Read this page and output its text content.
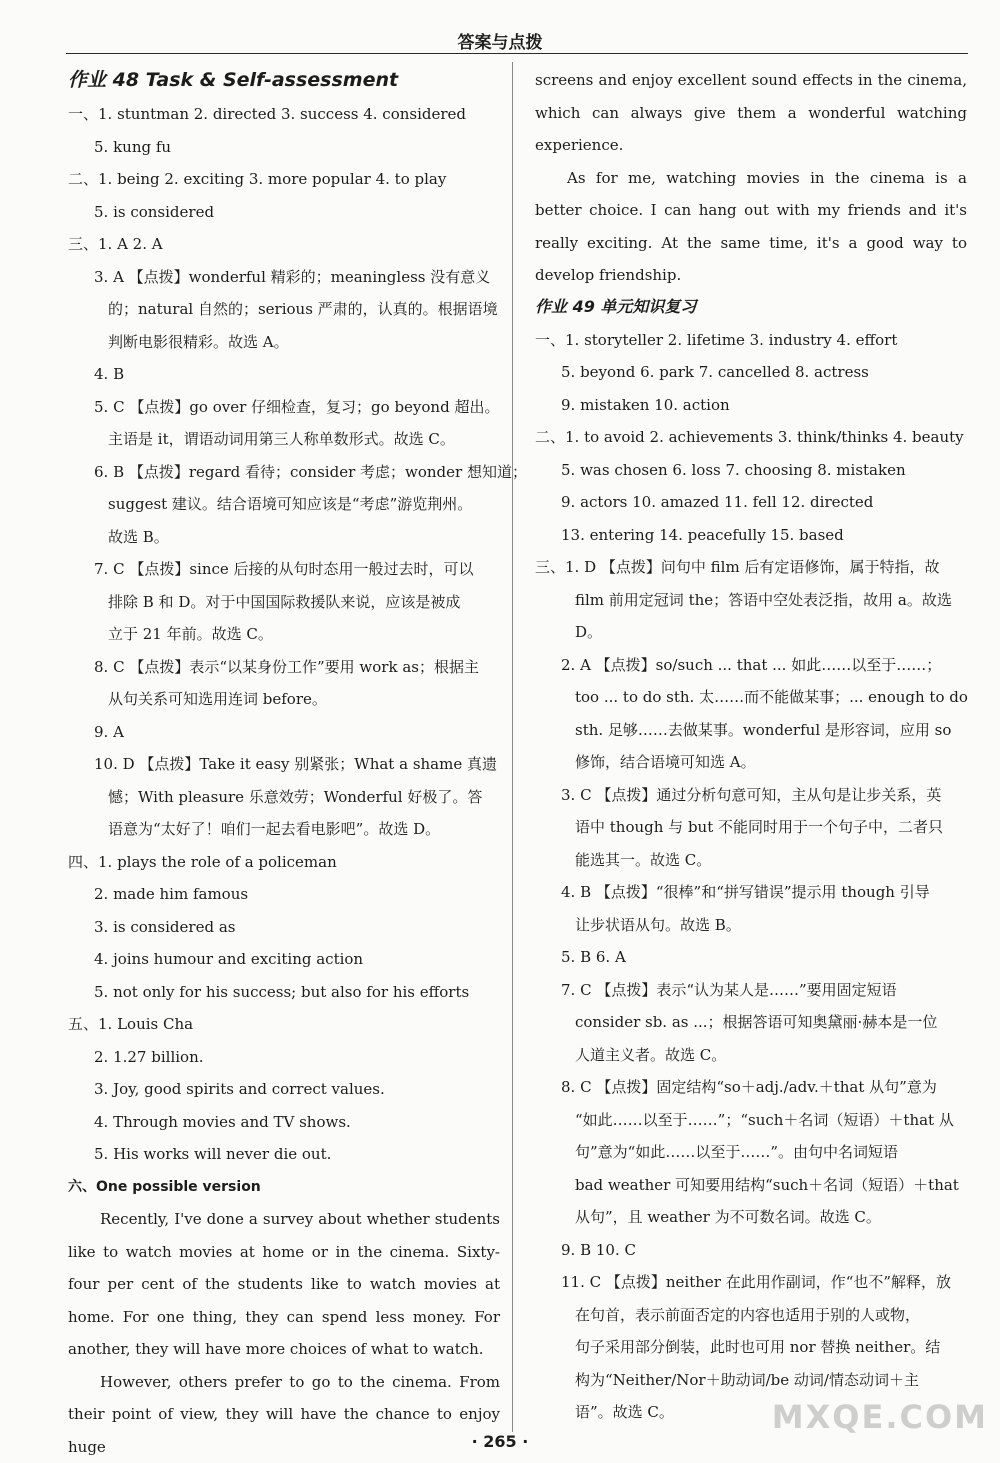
答案与点拨
作业 48 Task & Self-assessment
一、1. stuntman 2. directed 3. success 4. considered
5. kung fu
二、1. being 2. exciting 3. more popular 4. to play
5. is considered
三、1. A 2. A
3. A 【点拨】wonderful 精彩的；meaningless 没有意义
的；natural 自然的；serious 严肃的，认真的。根据语境
判断电影很精彩。故选 A。
4. B
5. C 【点拨】go over 仔细检查，复习；go beyond 超出。
主语是 it，谓语动词用第三人称单数形式。故选 C。
6. B 【点拨】regard 看待；consider 考虑；wonder 想知道；
suggest 建议。结合语境可知应该是“考虑”游览荆州。
故选 B。
7. C 【点拨】since 后接的从句时态用一般过去时，可以
排除 B 和 D。对于中国国际救援队来说，应该是被成
立于 21 年前。故选 C。
8. C 【点拨】表示“以某身份工作”要用 work as；根据主
从句关系可知选用连词 before。
9. A
10. D 【点拨】Take it easy 别紧张；What a shame 真遗
憾；With pleasure 乐意效劳；Wonderful 好极了。答
语意为“太好了！咱们一起去看电影吧”。故选 D。
四、1. plays the role of a policeman
2. made him famous
3. is considered as
4. joins humour and exciting action
5. not only for his success; but also for his efforts
五、1. Louis Cha
2. 1.27 billion.
3. Joy, good spirits and correct values.
4. Through movies and TV shows.
5. His works will never die out.
六、One possible version
Recently, I've done a survey about whether students like to watch movies at home or in the cinema. Sixty-four per cent of the students like to watch movies at home. For one thing, they can spend less money. For another, they will have more choices of what to watch.
However, others prefer to go to the cinema. From their point of view, they will have the chance to enjoy huge
screens and enjoy excellent sound effects in the cinema, which can always give them a wonderful watching experience.
As for me, watching movies in the cinema is a better choice. I can hang out with my friends and it's really exciting. At the same time, it's a good way to develop friendship.
作业 49 单元知识复习
一、1. storyteller 2. lifetime 3. industry 4. effort
5. beyond 6. park 7. cancelled 8. actress
9. mistaken 10. action
二、1. to avoid 2. achievements 3. think/thinks 4. beauty
5. was chosen 6. loss 7. choosing 8. mistaken
9. actors 10. amazed 11. fell 12. directed
13. entering 14. peacefully 15. based
三、1. D 【点拨】问句中 film 后有定语修饰，属于特指，故
film 前用定冠词 the；答语中空处表泛指，故用 a。故选
D。
2. A 【点拨】so/such ... that ... 如此……以至于……；
too ... to do sth. 太……而不能做某事；... enough to do
sth. 足够……去做某事。wonderful 是形容词，应用 so
修饰，结合语境可知选 A。
3. C 【点拨】通过分析句意可知，主从句是让步关系，英
语中 though 与 but 不能同时用于一个句子中，二者只
能选其一。故选 C。
4. B 【点拨】“很棒”和“拼写错误”提示用 though 引导
让步状语从句。故选 B。
5. B 6. A
7. C 【点拨】表示“认为某人是……”要用固定短语
consider sb. as ...；根据答语可知奥黛丽·赫本是一位
人道主义者。故选 C。
8. C 【点拨】固定结构“so＋adj./adv.＋that 从句”意为
“如此……以至于……”；“such＋名词（短语）＋that 从
句”意为“如此……以至于……”。由句中名词短语
bad weather 可知要用结构“such＋名词（短语）＋that
从句”，且 weather 为不可数名词。故选 C。
9. B 10. C
11. C 【点拨】neither 在此用作副词，作“也不”解释，放
在句首，表示前面否定的内容也适用于别的人或物，
句子采用部分倒装，此时也可用 nor 替换 neither。结
构为“Neither/Nor＋助动词/be 动词/情态动词＋主
语”。故选 C。
· 265 ·
MXQE.COM
